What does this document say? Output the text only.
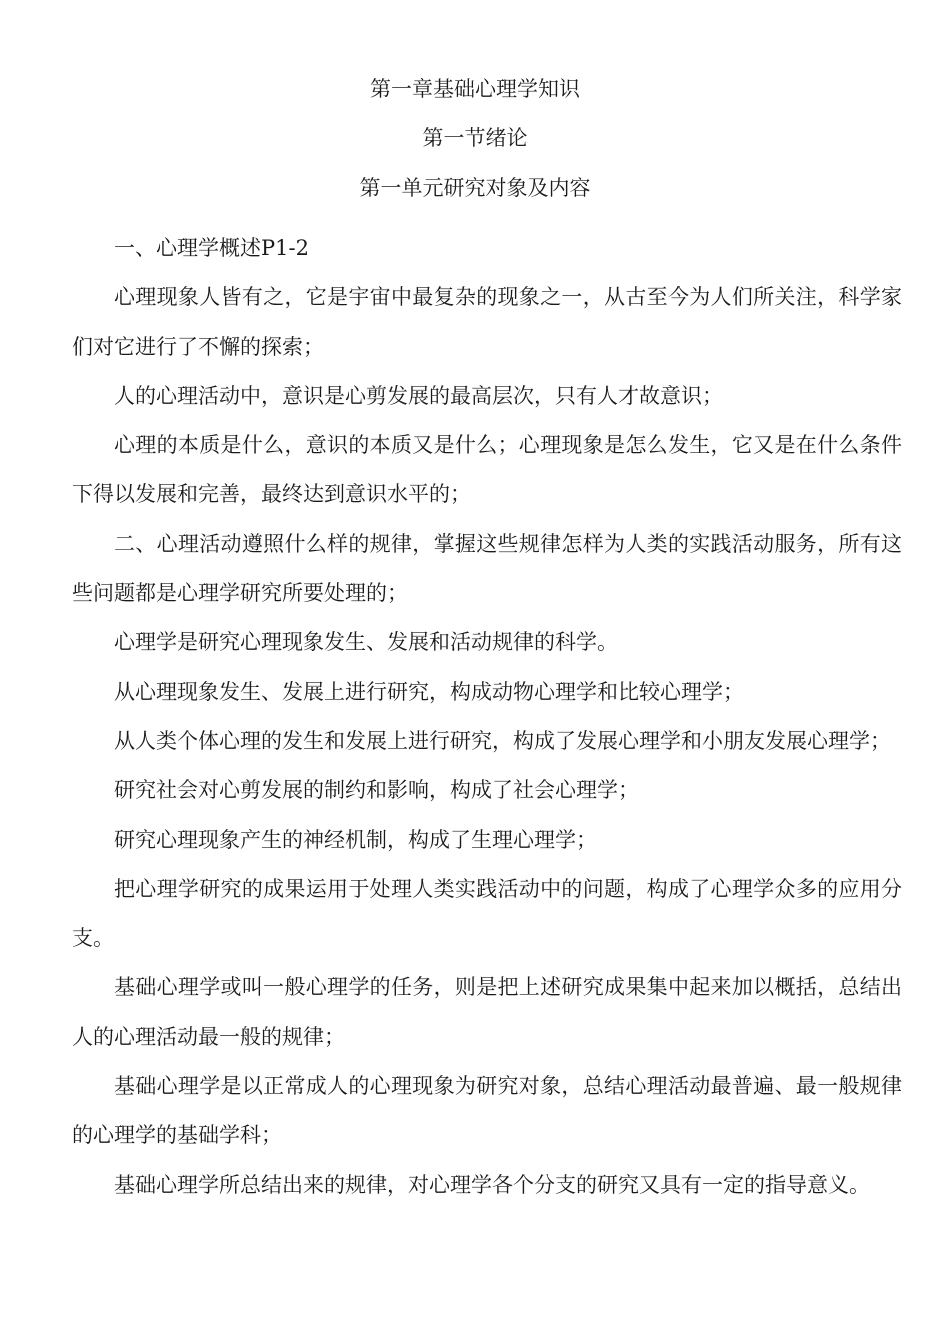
第一章基础心理学知识
第一节绪论
第一单元研究对象及内容

一、心理学概述P1-2

心理现象人皆有之，它是宇宙中最复杂的现象之一，从古至今为人们所关注，科学家们对它进行了不懈的探索；

人的心理活动中，意识是心剪发展的最高层次，只有人才故意识；

心理的本质是什么，意识的本质又是什么；心理现象是怎么发生，它又是在什么条件下得以发展和完善，最终达到意识水平的；

二、心理活动遵照什么样的规律，掌握这些规律怎样为人类的实践活动服务，所有这些问题都是心理学研究所要处理的；

心理学是研究心理现象发生、发展和活动规律的科学。

从心理现象发生、发展上进行研究，构成动物心理学和比较心理学；

从人类个体心理的发生和发展上进行研究，构成了发展心理学和小朋友发展心理学；

研究社会对心剪发展的制约和影响，构成了社会心理学；

研究心理现象产生的神经机制，构成了生理心理学；

把心理学研究的成果运用于处理人类实践活动中的问题，构成了心理学众多的应用分支。

基础心理学或叫一般心理学的任务，则是把上述研究成果集中起来加以概括，总结出人的心理活动最一般的规律；

基础心理学是以正常成人的心理现象为研究对象，总结心理活动最普遍、最一般规律的心理学的基础学科；

基础心理学所总结出来的规律，对心理学各个分支的研究又具有一定的指导意义。
